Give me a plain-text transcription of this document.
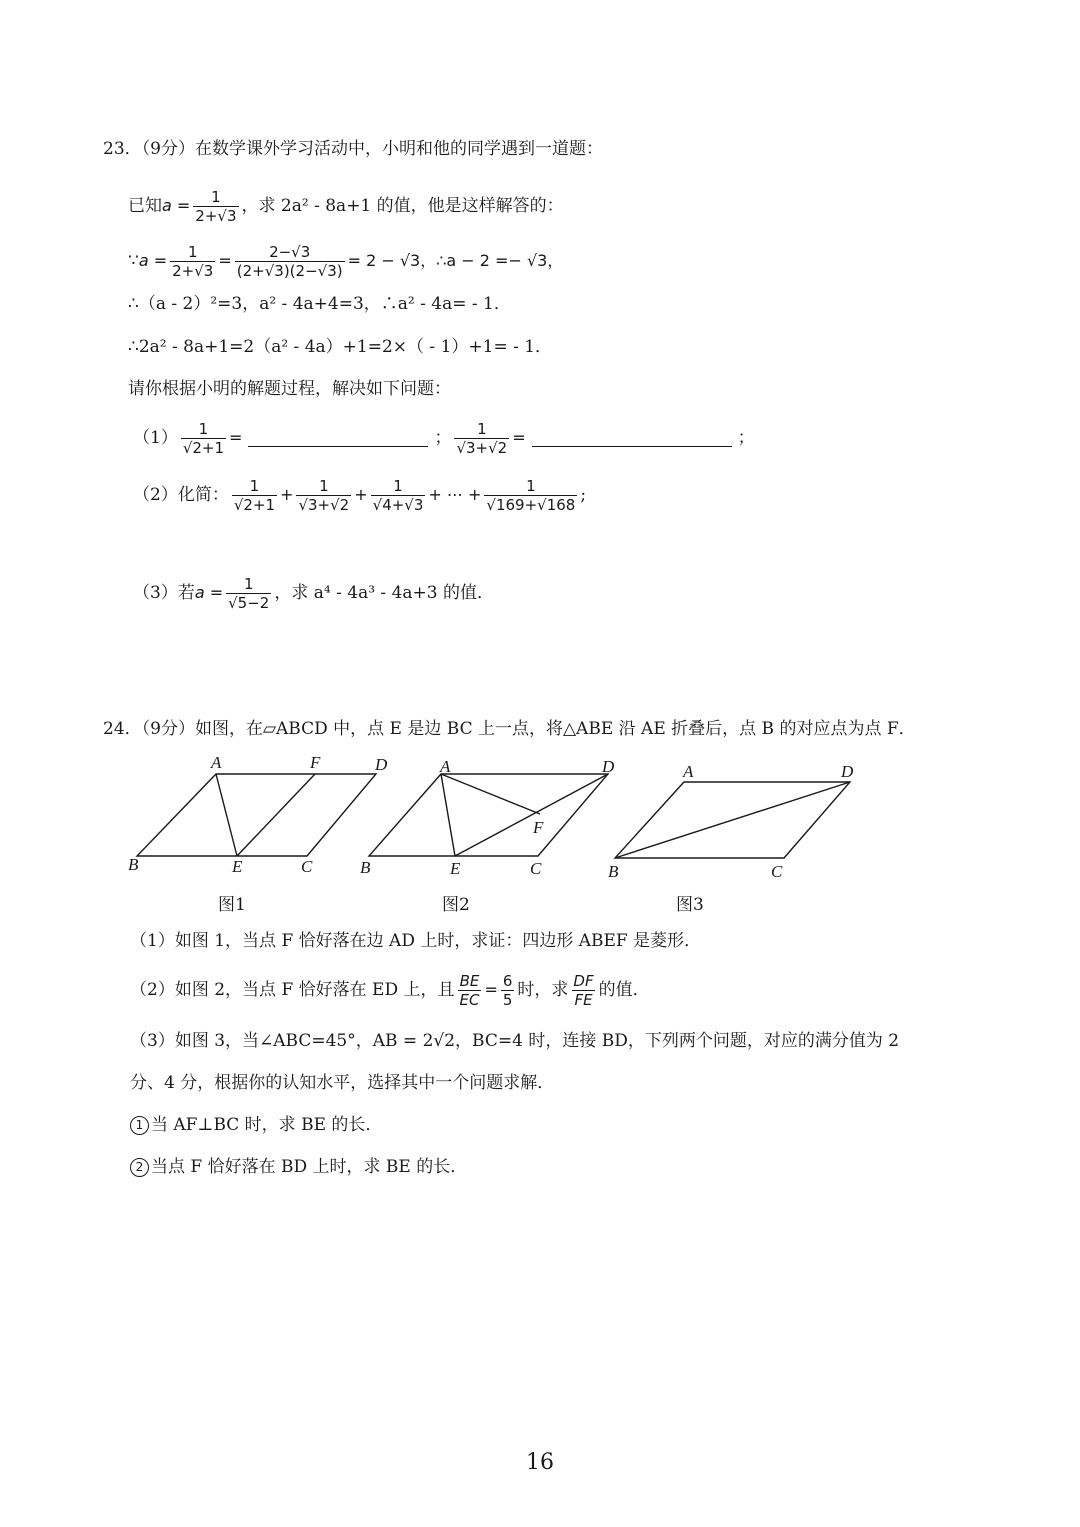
23．（9分）在数学课外学习活动中，小明和他的同学遇到一道题：
已知 $a = \frac{1}{2+√3}$ ，求 2a² - 8a+1 的值，他是这样解答的：
∵ $a = \frac{1}{2+√3} = \frac{2-√3}{(2+√3)(2-√3)} = 2 - √3$，∴a − 2 =− √3，
∴（a - 2）²=3，a² - 4a+4=3，∴a² - 4a= - 1．
∴2a² - 8a+1=2（a² - 4a）+1=2×（ - 1）+1= - 1．
请你根据小明的解题过程，解决如下问题：
$(1) \frac{1}{√2+1}$ =	； $\frac{1}{√3+√2}$ =	；
（2）化简： $\frac{1}{√2+1} + \frac{1}{√3+√2} + \frac{1}{√4+√3}$ + ⋯ + $\frac{1}{√169+√168}$ ;
（3）若 $a = \frac{1}{√5-2}$ ，求 a⁴ - 4a³ - 4a+3 的值．
24．（9分）如图，在▱ABCD 中，点 E 是边 BC 上一点，将△ABE 沿 AE 折叠后，点 B 的对应点为点 F．
A	F	D
B	E	C
A	D
F
B	E	C
A	D
B	C
图1	图2	图3
（1）如图 1，当点 F 恰好落在边 AD 上时，求证：四边形 ABEF 是菱形．
（2）如图 2，当点 F 恰好落在 ED 上，且 $\frac{BE}{EC} = \frac{6}{5}$ 时，求 $\frac{DF}{FE}$ 的值．
（3）如图 3，当∠ABC=45°，AB = 2√2，BC=4 时，连接 BD，下列两个问题，对应的满分值为 2
分、4 分，根据你的认知水平，选择其中一个问题求解．
1 当 AF⊥BC 时，求 BE 的长．
2 当点 F 恰好落在 BD 上时，求 BE 的长．
16
